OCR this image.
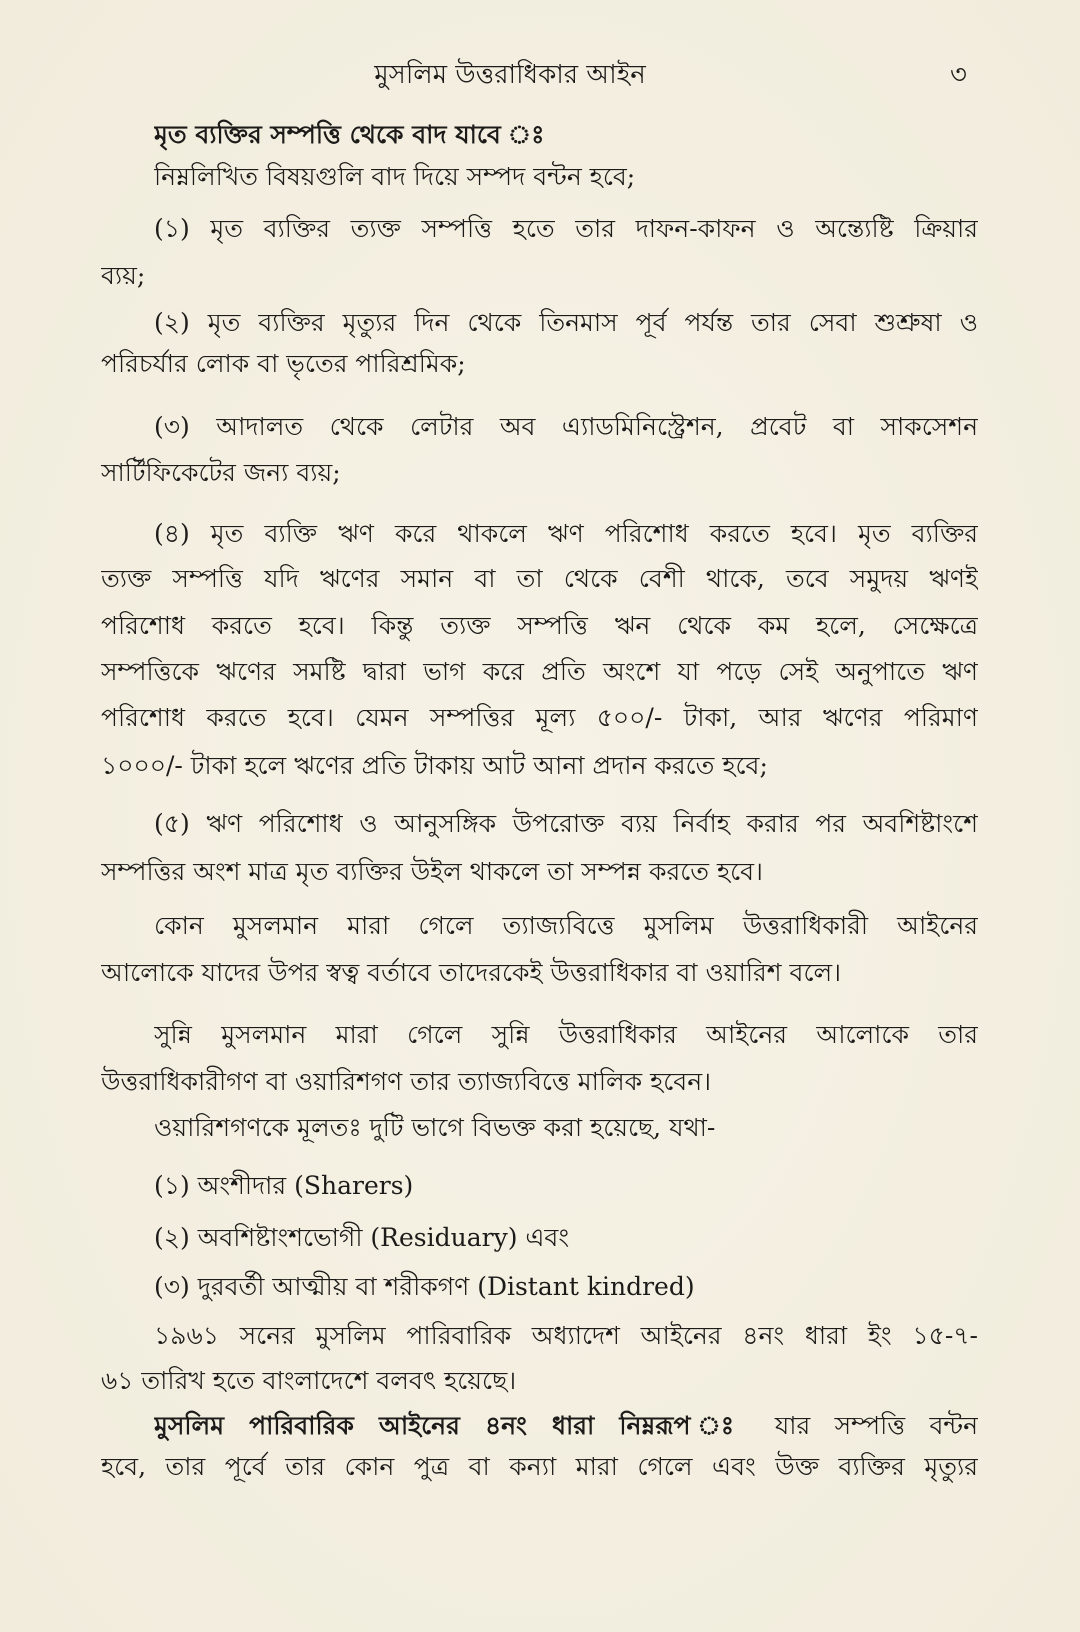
মুসলিম উত্তরাধিকার আইন	৩
মৃত ব্যক্তির সম্পত্তি থেকে বাদ যাবে ঃ
নিম্নলিখিত বিষয়গুলি বাদ দিয়ে সম্পদ বন্টন হবে;
(১) মৃত ব্যক্তির ত্যক্ত সম্পত্তি হতে তার দাফন-কাফন ও অন্ত্যেষ্টি ক্রিয়ার
ব্যয়;
(২) মৃত ব্যক্তির মৃত্যুর দিন থেকে তিনমাস পূর্ব পর্যন্ত তার সেবা শুশ্রুষা ও
পরিচর্যার লোক বা ভৃতের পারিশ্রমিক;
(৩) আদালত থেকে লেটার অব এ্যাডমিনিস্ট্রেশন, প্রবেট বা সাকসেশন
সার্টিফিকেটের জন্য ব্যয়;
(৪) মৃত ব্যক্তি ঋণ করে থাকলে ঋণ পরিশোধ করতে হবে। মৃত ব্যক্তির
ত্যক্ত সম্পত্তি যদি ঋণের সমান বা তা থেকে বেশী থাকে, তবে সমুদয় ঋণই
পরিশোধ করতে হবে। কিন্তু ত্যক্ত সম্পত্তি ঋন থেকে কম হলে, সেক্ষেত্রে
সম্পত্তিকে ঋণের সমষ্টি দ্বারা ভাগ করে প্রতি অংশে যা পড়ে সেই অনুপাতে ঋণ
পরিশোধ করতে হবে। যেমন সম্পত্তির মূল্য ৫০০/- টাকা, আর ঋণের পরিমাণ
১০০০/- টাকা হলে ঋণের প্রতি টাকায় আট আনা প্রদান করতে হবে;
(৫) ঋণ পরিশোধ ও আনুসঙ্গিক উপরোক্ত ব্যয় নির্বাহ করার পর অবশিষ্টাংশে
সম্পত্তির অংশ মাত্র মৃত ব্যক্তির উইল থাকলে তা সম্পন্ন করতে হবে।
কোন মুসলমান মারা গেলে ত্যাজ্যবিত্তে মুসলিম উত্তরাধিকারী আইনের
আলোকে যাদের উপর স্বত্ব বর্তাবে তাদেরকেই উত্তরাধিকার বা ওয়ারিশ বলে।
সুন্নি মুসলমান মারা গেলে সুন্নি উত্তরাধিকার আইনের আলোকে তার
উত্তরাধিকারীগণ বা ওয়ারিশগণ তার ত্যাজ্যবিত্তে মালিক হবেন।
ওয়ারিশগণকে মূলতঃ দুটি ভাগে বিভক্ত করা হয়েছে, যথা-
(১) অংশীদার (Sharers)
(২) অবশিষ্টাংশভোগী (Residuary) এবং
(৩) দুরবর্তী আত্মীয় বা শরীকগণ (Distant kindred)
১৯৬১ সনের মুসলিম পারিবারিক অধ্যাদেশ আইনের ৪নং ধারা ইং ১৫-৭-
৬১ তারিখ হতে বাংলাদেশে বলবৎ হয়েছে।
মুসলিম পারিবারিক আইনের ৪নং ধারা নিম্নরূপ ঃ যার সম্পত্তি বন্টন
হবে, তার পূর্বে তার কোন পুত্র বা কন্যা মারা গেলে এবং উক্ত ব্যক্তির মৃত্যুর
